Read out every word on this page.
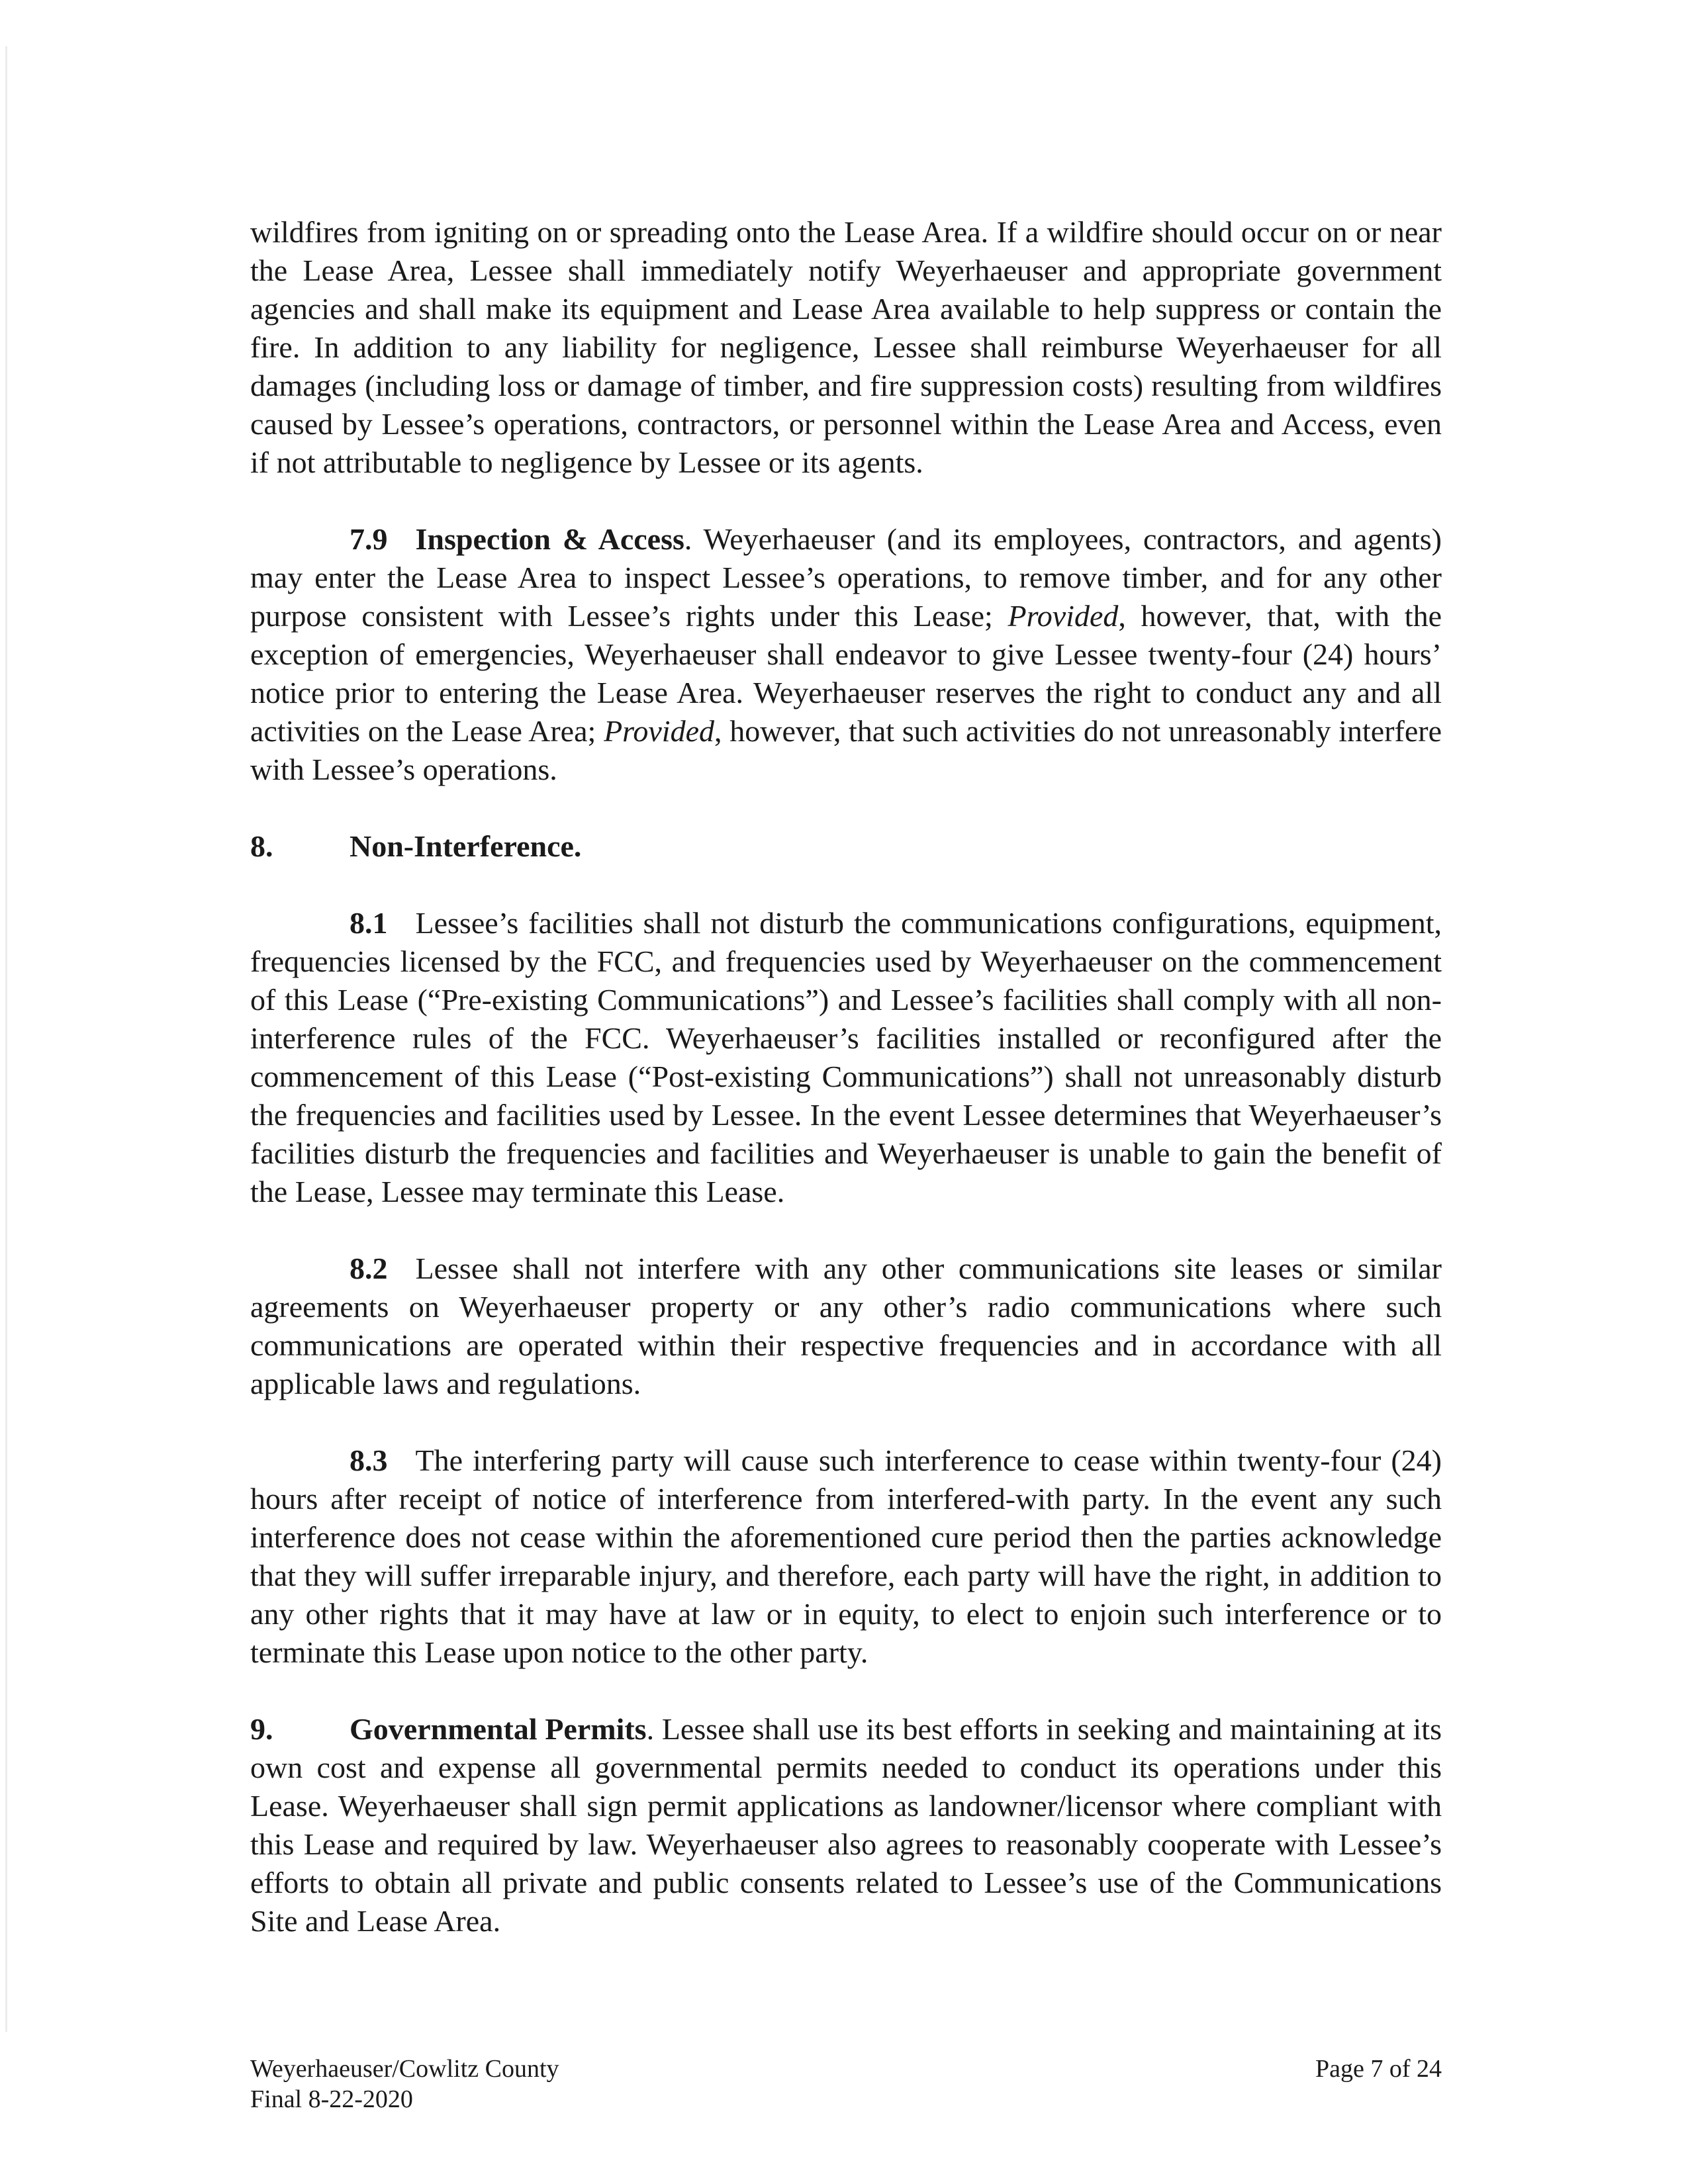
wildfires from igniting on or spreading onto the Lease Area. If a wildfire should occur on or near the Lease Area, Lessee shall immediately notify Weyerhaeuser and appropriate government agencies and shall make its equipment and Lease Area available to help suppress or contain the fire. In addition to any liability for negligence, Lessee shall reimburse Weyerhaeuser for all damages (including loss or damage of timber, and fire suppression costs) resulting from wildfires caused by Lessee’s operations, contractors, or personnel within the Lease Area and Access, even if not attributable to negligence by Lessee or its agents.

7.9 Inspection & Access. Weyerhaeuser (and its employees, contractors, and agents) may enter the Lease Area to inspect Lessee’s operations, to remove timber, and for any other purpose consistent with Lessee’s rights under this Lease; Provided, however, that, with the exception of emergencies, Weyerhaeuser shall endeavor to give Lessee twenty-four (24) hours’ notice prior to entering the Lease Area. Weyerhaeuser reserves the right to conduct any and all activities on the Lease Area; Provided, however, that such activities do not unreasonably interfere with Lessee’s operations.

8.	Non-Interference.

8.1 Lessee’s facilities shall not disturb the communications configurations, equipment, frequencies licensed by the FCC, and frequencies used by Weyerhaeuser on the commencement of this Lease (“Pre-existing Communications”) and Lessee’s facilities shall comply with all non-interference rules of the FCC. Weyerhaeuser’s facilities installed or reconfigured after the commencement of this Lease (“Post-existing Communications”) shall not unreasonably disturb the frequencies and facilities used by Lessee. In the event Lessee determines that Weyerhaeuser’s facilities disturb the frequencies and facilities and Weyerhaeuser is unable to gain the benefit of the Lease, Lessee may terminate this Lease.

8.2 Lessee shall not interfere with any other communications site leases or similar agreements on Weyerhaeuser property or any other’s radio communications where such communications are operated within their respective frequencies and in accordance with all applicable laws and regulations.

8.3 The interfering party will cause such interference to cease within twenty-four (24) hours after receipt of notice of interference from interfered-with party. In the event any such interference does not cease within the aforementioned cure period then the parties acknowledge that they will suffer irreparable injury, and therefore, each party will have the right, in addition to any other rights that it may have at law or in equity, to elect to enjoin such interference or to terminate this Lease upon notice to the other party.

9.	Governmental Permits. Lessee shall use its best efforts in seeking and maintaining at its own cost and expense all governmental permits needed to conduct its operations under this Lease. Weyerhaeuser shall sign permit applications as landowner/licensor where compliant with this Lease and required by law. Weyerhaeuser also agrees to reasonably cooperate with Lessee’s efforts to obtain all private and public consents related to Lessee’s use of the Communications Site and Lease Area.

Weyerhaeuser/Cowlitz County
Final 8-22-2020
Page 7 of 24
